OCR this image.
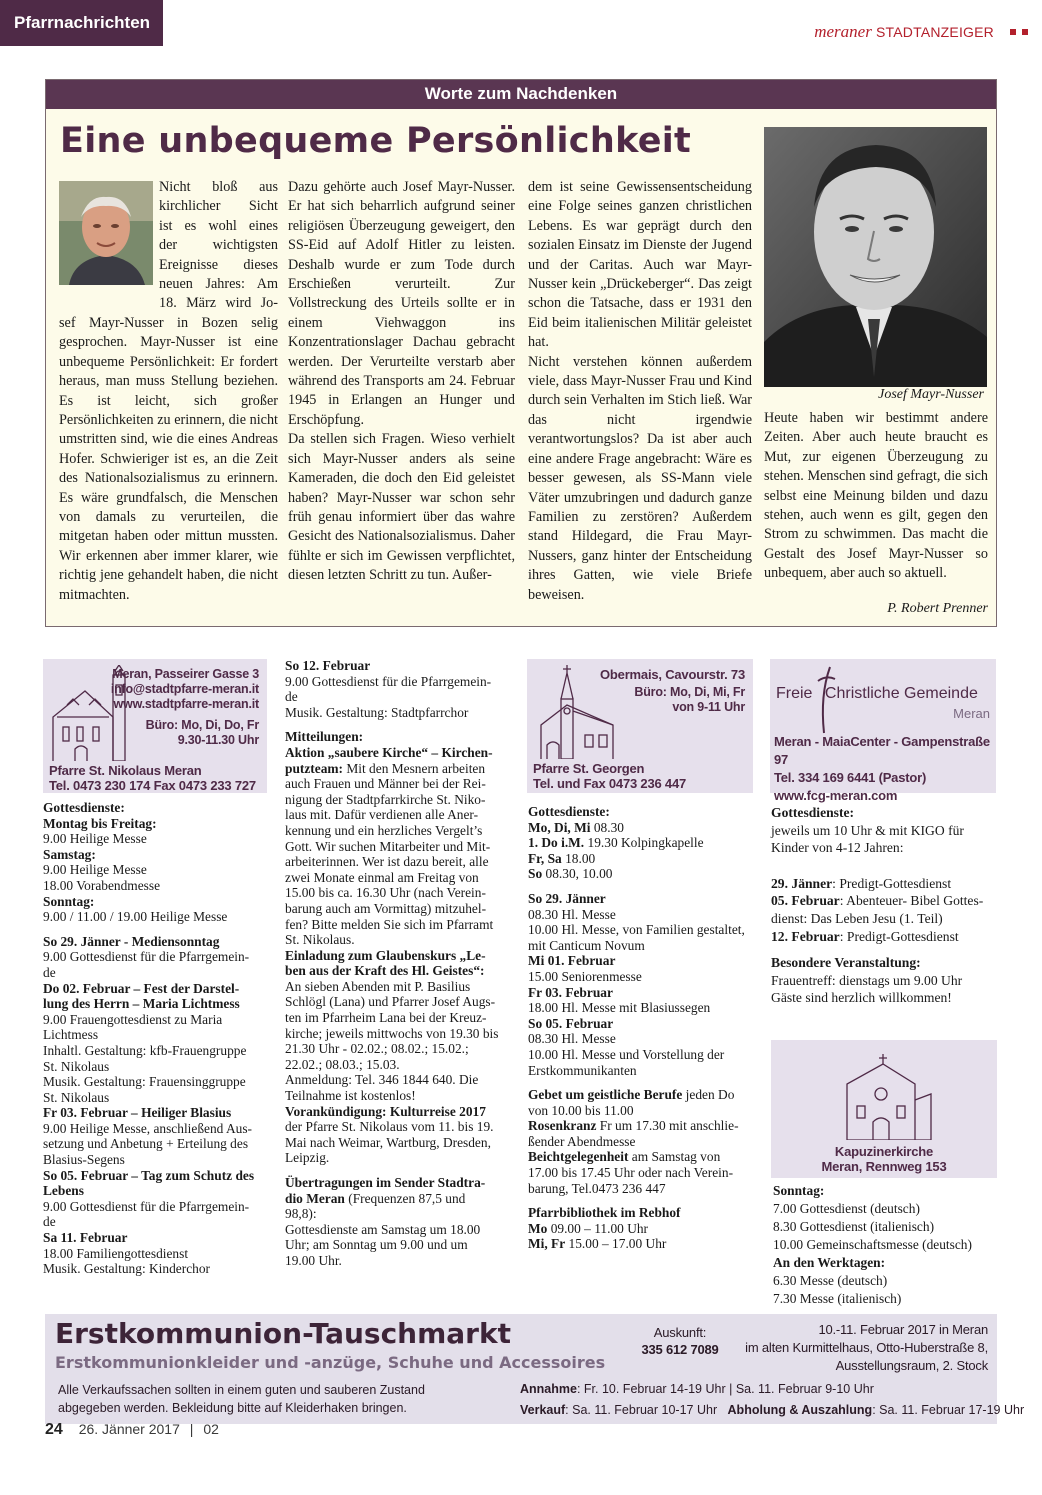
Pfarrnachrichten	meraner STADTANZEIGER
Worte zum Nachdenken
Eine unbequeme Persönlichkeit
Nicht bloß aus
kirchlicher Sicht
ist es wohl eines
der wichtigsten
Ereignisse dieses
neuen Jahres: Am
18. März wird Jo-

sef Mayr-Nusser in Bozen selig gesprochen. Mayr-Nusser ist eine unbequeme Persönlichkeit: Er fordert heraus, man muss Stellung beziehen. Es ist leicht, sich großer Persönlichkeiten zu erinnern, die nicht umstritten sind, wie die eines Andreas Hofer. Schwieriger ist es, an die Zeit des Nationalsozialismus zu erinnern. Es wäre grundfalsch, die Menschen von damals zu verurteilen, die mitgetan haben oder mittun mussten. Wir erkennen aber immer klarer, wie richtig jene gehandelt haben, die nicht mitmachten.

Dazu gehörte auch Josef Mayr-Nusser. Er hat sich beharrlich aufgrund seiner religiösen Überzeugung geweigert, den SS-Eid auf Adolf Hitler zu leisten. Deshalb wurde er zum Tode durch Erschießen verurteilt. Zur Vollstreckung des Urteils sollte er in einem Viehwaggon ins Konzentrationslager Dachau gebracht werden. Der Verurteilte verstarb aber während des Transports am 24. Februar 1945 in Erlangen an Hunger und Erschöpfung.

Da stellen sich Fragen. Wieso verhielt sich Mayr-Nusser anders als seine Kameraden, die doch den Eid geleistet haben? Mayr-Nusser war schon sehr früh genau informiert über das wahre Gesicht des Nationalsozialismus. Daher fühlte er sich im Gewissen verpflichtet, diesen letzten Schritt zu tun. Außer-

dem ist seine Gewissensentscheidung eine Folge seines ganzen christlichen Lebens. Es war geprägt durch den sozialen Einsatz im Dienste der Jugend und der Caritas. Auch war Mayr-Nusser kein „Drückeberger“. Das zeigt schon die Tatsache, dass er 1931 den Eid beim italienischen Militär geleistet hat.

Nicht verstehen können außerdem viele, dass Mayr-Nusser Frau und Kind durch sein Verhalten im Stich ließ. War das nicht irgendwie verantwortungslos? Da ist aber auch eine andere Frage angebracht: Wäre es besser gewesen, als SS-Mann viele Väter umzubringen und dadurch ganze Familien zu zerstören? Außerdem stand Hildegard, die Frau Mayr-Nussers, ganz hinter der Entscheidung ihres Gatten, wie viele Briefe beweisen.

Josef Mayr-Nusser

Heute haben wir bestimmt andere Zeiten. Aber auch heute braucht es Mut, zur eigenen Überzeugung zu stehen. Menschen sind gefragt, die sich selbst eine Meinung bilden und dazu stehen, auch wenn es gilt, gegen den Strom zu schwimmen. Das macht die Gestalt des Josef Mayr-Nusser so unbequem, aber auch so aktuell.

P. Robert Prenner
Meran, Passeirer Gasse 3
info@stadtpfarre-meran.it
www.stadtpfarre-meran.it
Büro: Mo, Di, Do, Fr
9.30-11.30 Uhr
Pfarre St. Nikolaus Meran
Tel. 0473 230 174 Fax 0473 233 727
Gottesdienste:
Montag bis Freitag:
9.00 Heilige Messe
Samstag:
9.00 Heilige Messe
18.00 Vorabendmesse
Sonntag:
9.00 / 11.00 / 19.00 Heilige Messe
So 29. Jänner - Mediensonntag
9.00 Gottesdienst für die Pfarrgemein-
de
Do 02. Februar – Fest der Darstel-
lung des Herrn – Maria Lichtmess
9.00 Frauengottesdienst zu Maria
Lichtmess
Inhaltl. Gestaltung: kfb-Frauengruppe
St. Nikolaus
Musik. Gestaltung: Frauensinggruppe
St. Nikolaus
Fr 03. Februar – Heiliger Blasius
9.00 Heilige Messe, anschließend Aus-
setzung und Anbetung + Erteilung des
Blasius-Segens
So 05. Februar – Tag zum Schutz des
Lebens
9.00 Gottesdienst für die Pfarrgemein-
de
Sa 11. Februar
18.00 Familiengottesdienst
Musik. Gestaltung: Kinderchor
So 12. Februar
9.00 Gottesdienst für die Pfarrgemein-
de
Musik. Gestaltung: Stadtpfarrchor
Mitteilungen:
Aktion „saubere Kirche“ – Kirchen-
putzteam: Mit den Mesnern arbeiten
auch Frauen und Männer bei der Rei-
nigung der Stadtpfarrkirche St. Niko-
laus mit. Dafür verdienen alle Aner-
kennung und ein herzliches Vergelt’s
Gott. Wir suchen Mitarbeiter und Mit-
arbeiterinnen. Wer ist dazu bereit, alle
zwei Monate einmal am Freitag von
15.00 bis ca. 16.30 Uhr (nach Verein-
barung auch am Vormittag) mitzuhel-
fen? Bitte melden Sie sich im Pfarramt
St. Nikolaus.
Einladung zum Glaubenskurs „Le-
ben aus der Kraft des Hl. Geistes“:
An sieben Abenden mit P. Basilius
Schlögl (Lana) und Pfarrer Josef Augs-
ten im Pfarrheim Lana bei der Kreuz-
kirche; jeweils mittwochs von 19.30 bis
21.30 Uhr - 02.02.; 08.02.; 15.02.;
22.02.; 08.03.; 15.03.
Anmeldung: Tel. 346 1844 640. Die
Teilnahme ist kostenlos!
Vorankündigung: Kulturreise 2017
der Pfarre St. Nikolaus vom 11. bis 19.
Mai nach Weimar, Wartburg, Dresden,
Leipzig.
Übertragungen im Sender Stadtra-
dio Meran (Frequenzen 87,5 und
98,8):
Gottesdienste am Samstag um 18.00
Uhr; am Sonntag um 9.00 und um
19.00 Uhr.
Obermais, Cavourstr. 73
Büro: Mo, Di, Mi, Fr
von 9-11 Uhr
Pfarre St. Georgen
Tel. und Fax 0473 236 447
Gottesdienste:
Mo, Di, Mi 08.30
1. Do i.M. 19.30 Kolpingkapelle
Fr, Sa 18.00
So 08.30, 10.00
So 29. Jänner
08.30 Hl. Messe
10.00 Hl. Messe, von Familien gestaltet,
mit Canticum Novum
Mi 01. Februar
15.00 Seniorenmesse
Fr 03. Februar
18.00 Hl. Messe mit Blasiussegen
So 05. Februar
08.30 Hl. Messe
10.00 Hl. Messe und Vorstellung der
Erstkommunikanten
Gebet um geistliche Berufe jeden Do
von 10.00 bis 11.00
Rosenkranz Fr um 17.30 mit anschlie-
ßender Abendmesse
Beichtgelegenheit am Samstag von
17.00 bis 17.45 Uhr oder nach Verein-
barung, Tel.0473 236 447
Pfarrbibliothek im Rebhof
Mo 09.00 – 11.00 Uhr
Mi, Fr 15.00 – 17.00 Uhr
Freie Christliche Gemeinde
Meran
Meran - MaiaCenter - Gampenstraße 97
Tel. 334 169 6441 (Pastor)
www.fcg-meran.com
Gottesdienste:
jeweils um 10 Uhr & mit KIGO für
Kinder von 4-12 Jahren:
29. Jänner: Predigt-Gottesdienst
05. Februar: Abenteuer- Bibel Gottes-
dienst: Das Leben Jesu (1. Teil)
12. Februar: Predigt-Gottesdienst
Besondere Veranstaltung:
Frauentreff: dienstags um 9.00 Uhr
Gäste sind herzlich willkommen!
Kapuzinerkirche
Meran, Rennweg 153
Sonntag:
7.00 Gottesdienst (deutsch)
8.30 Gottesdienst (italienisch)
10.00 Gemeinschaftsmesse (deutsch)
An den Werktagen:
6.30 Messe (deutsch)
7.30 Messe (italienisch)
Erstkommunion-Tauschmarkt
Erstkommunionkleider und -anzüge, Schuhe und Accessoires
Auskunft:
335 612 7089
10.-11. Februar 2017 in Meran
im alten Kurmittelhaus, Otto-Huberstraße 8,
Ausstellungsraum, 2. Stock
Alle Verkaufssachen sollten in einem guten und sauberen Zustand
abgegeben werden. Bekleidung bitte auf Kleiderhaken bringen.
Annahme: Fr. 10. Februar 14-19 Uhr | Sa. 11. Februar 9-10 Uhr
Verkauf: Sa. 11. Februar 10-17 Uhr Abholung & Auszahlung: Sa. 11. Februar 17-19 Uhr
24 26. Jänner 2017 | 02
